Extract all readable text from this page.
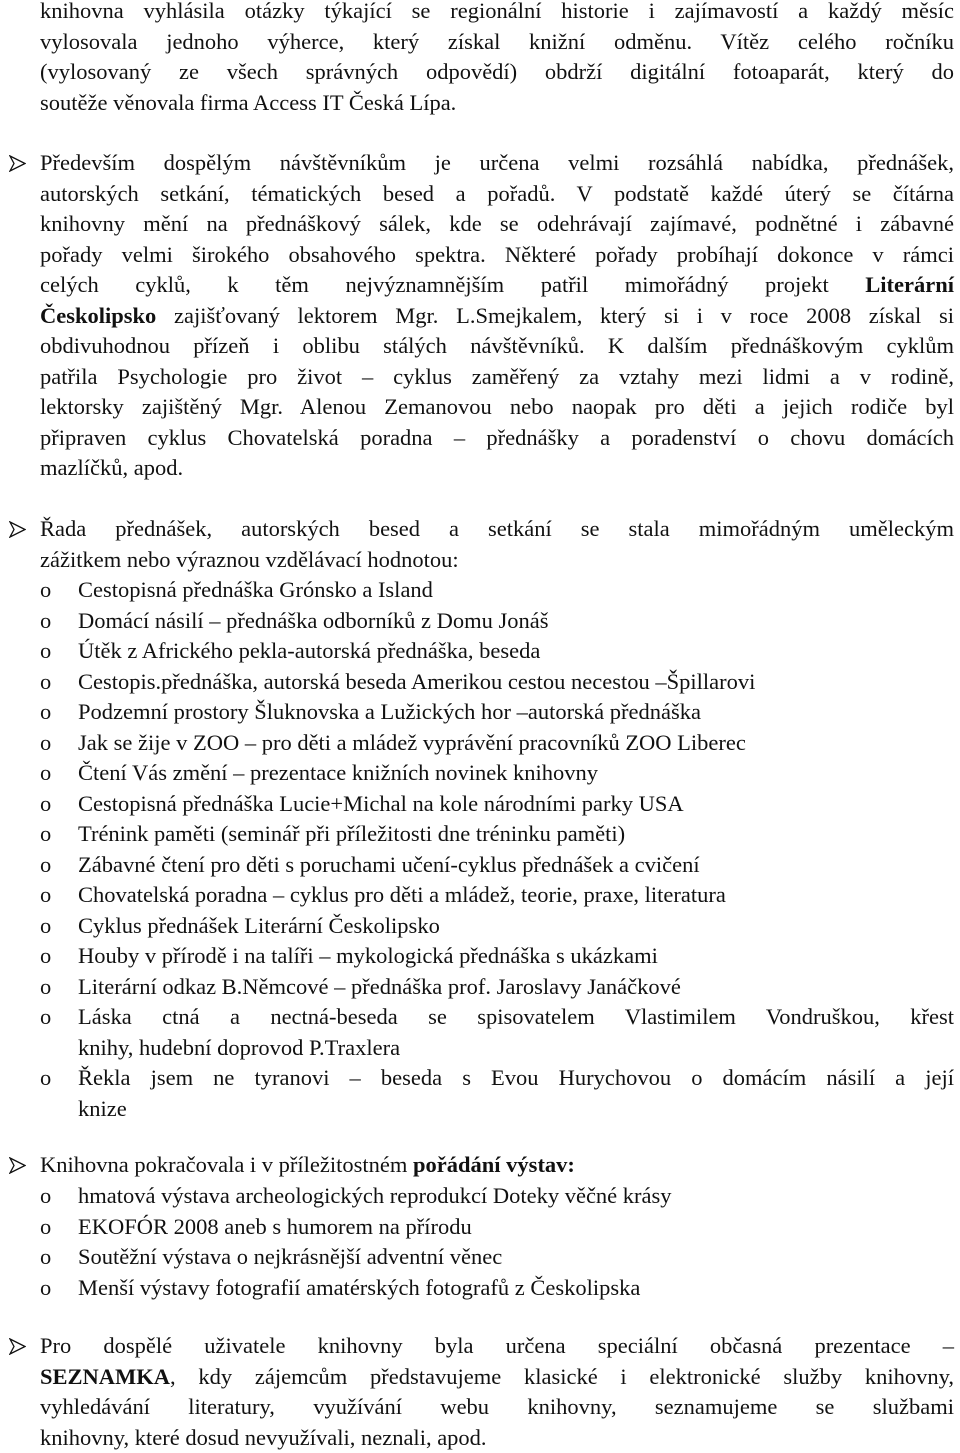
knihovna vyhlásila otázky týkající se regionální historie i zajímavostí a každý měsíc

vylosovala jednoho výherce, který získal knižní odměnu. Vítěz celého ročníku

(vylosovaný ze všech správných odpovědí) obdrží digitální fotoaparát, který do

soutěže věnovala firma Access IT Česká Lípa.

Především dospělým návštěvníkům je určena velmi rozsáhlá nabídka, přednášek,

autorských setkání, tématických besed a pořadů. V podstatě každé úterý se čítárna

knihovny mění na přednáškový sálek, kde se odehrávají zajímavé, podnětné i zábavné

pořady velmi širokého obsahového spektra. Některé pořady probíhají dokonce v rámci

celých cyklů, k těm nejvýznamnějším patřil mimořádný projekt Literární

Českolipsko zajišťovaný lektorem Mgr. L.Smejkalem, který si i v roce 2008 získal si

obdivuhodnou přízeň i oblibu stálých návštěvníků. K dalším přednáškovým cyklům

patřila Psychologie pro život – cyklus zaměřený za vztahy mezi lidmi a v rodině,

lektorsky zajištěný Mgr. Alenou Zemanovou nebo naopak pro děti a jejich rodiče byl

připraven cyklus Chovatelská poradna – přednášky a poradenství o chovu domácích

mazlíčků, apod.

Řada přednášek, autorských besed a setkání se stala mimořádným uměleckým

zážitkem nebo výraznou vzdělávací hodnotou:

o Cestopisná přednáška Grónsko a Island
o Domácí násilí – přednáška odborníků z Domu Jonáš
o Útěk z Afrického pekla-autorská přednáška, beseda
o Cestopis.přednáška, autorská beseda Amerikou cestou necestou –Špillarovi
o Podzemní prostory Šluknovska a Lužických hor –autorská přednáška
o Jak se žije v ZOO – pro děti a mládež vyprávění pracovníků ZOO Liberec
o Čtení Vás změní – prezentace knižních novinek knihovny
o Cestopisná přednáška Lucie+Michal na kole národními parky USA
o Trénink paměti (seminář při příležitosti dne tréninku paměti)
o Zábavné čtení pro děti s poruchami učení-cyklus přednášek a cvičení
o Chovatelská poradna – cyklus pro děti a mládež, teorie, praxe, literatura
o Cyklus přednášek Literární Českolipsko
o Houby v přírodě i na talíři – mykologická přednáška s ukázkami
o Literární odkaz B.Němcové – přednáška prof. Jaroslavy Janáčkové
o Láska ctná a nectná-beseda se spisovatelem Vlastimilem Vondruškou, křest

knihy, hudební doprovod P.Traxlera

o Řekla jsem ne tyranovi – beseda s Evou Hurychovou o domácím násilí a její

knize

Knihovna pokračovala i v příležitostném pořádání výstav:

o hmatová výstava archeologických reprodukcí Doteky věčné krásy
o EKOFÓR 2008 aneb s humorem na přírodu
o Soutěžní výstava o nejkrásnější adventní věnec
o Menší výstavy fotografií amatérských fotografů z Českolipska

Pro dospělé uživatele knihovny byla určena speciální občasná prezentace –

SEZNAMKA, kdy zájemcům představujeme klasické i elektronické služby knihovny,

vyhledávání literatury, využívání webu knihovny, seznamujeme se službami

knihovny, které dosud nevyužívali, neznali, apod.
